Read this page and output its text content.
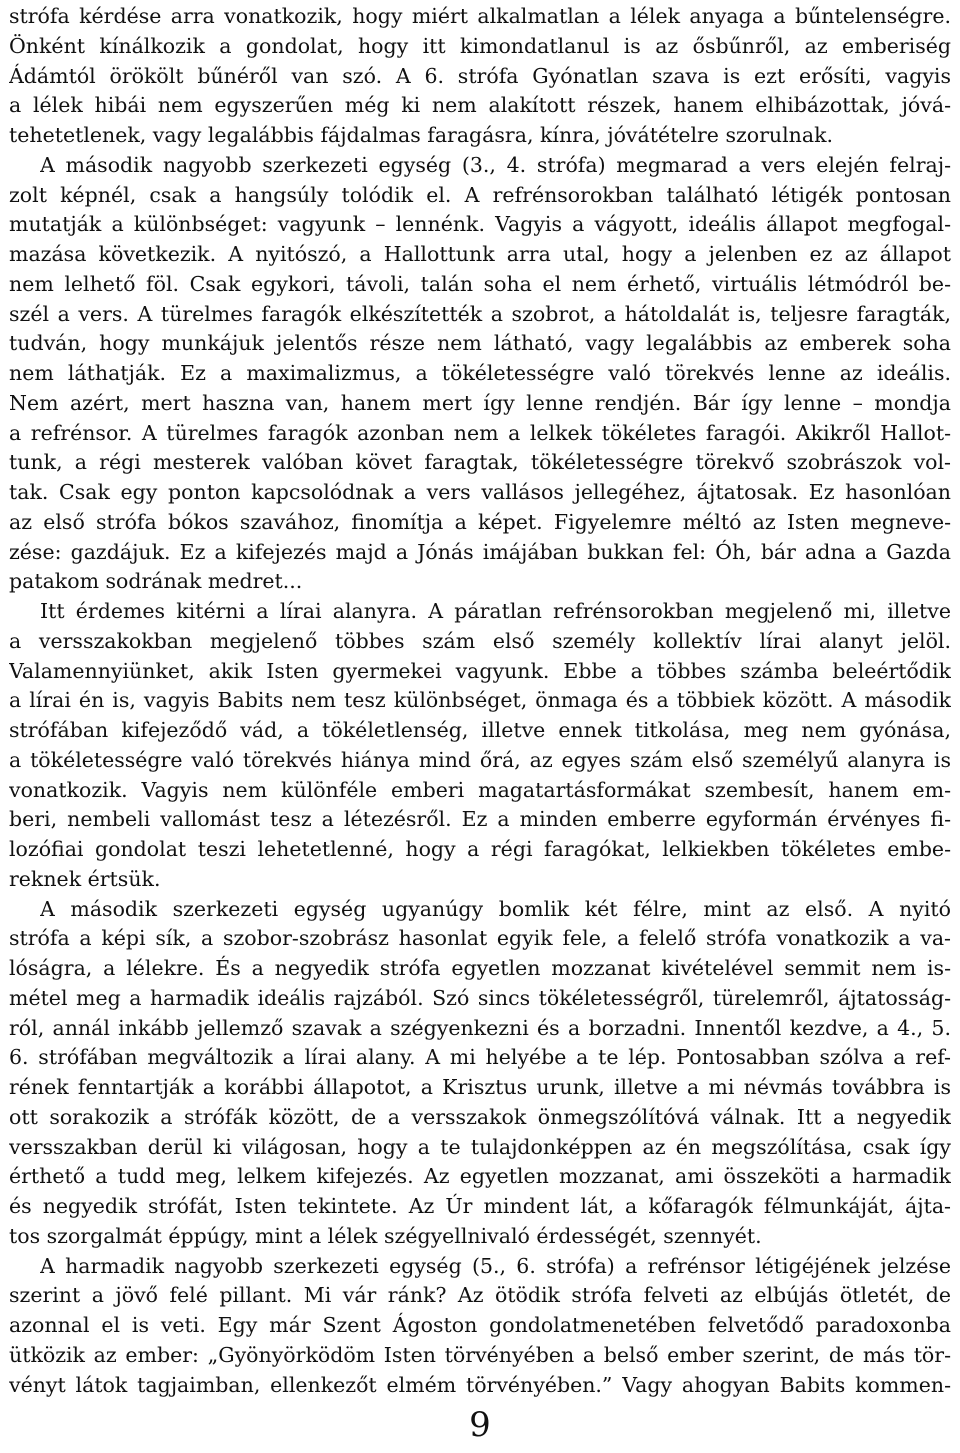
strófa kérdése arra vonatkozik, hogy miért alkalmatlan a lélek anyaga a bűntelenségre.

Önként kínálkozik a gondolat, hogy itt kimondatlanul is az ősbűnről, az emberiség

Ádámtól örökölt bűnéről van szó. A 6. strófa Gyónatlan szava is ezt erősíti, vagyis

a lélek hibái nem egyszerűen még ki nem alakított részek, hanem elhibázottak, jóvá-

tehetetlenek, vagy legalábbis fájdalmas faragásra, kínra, jóvátételre szorulnak.

A második nagyobb szerkezeti egység (3., 4. strófa) megmarad a vers elején felraj-

zolt képnél, csak a hangsúly tolódik el. A refrénsorokban található létigék pontosan

mutatják a különbséget: vagyunk – lennénk. Vagyis a vágyott, ideális állapot megfogal-

mazása következik. A nyitószó, a Hallottunk arra utal, hogy a jelenben ez az állapot

nem lelhető föl. Csak egykori, távoli, talán soha el nem érhető, virtuális létmódról be-

szél a vers. A türelmes faragók elkészítették a szobrot, a hátoldalát is, teljesre faragták,

tudván, hogy munkájuk jelentős része nem látható, vagy legalábbis az emberek soha

nem láthatják. Ez a maximalizmus, a tökéletességre való törekvés lenne az ideális.

Nem azért, mert haszna van, hanem mert így lenne rendjén. Bár így lenne – mondja

a refrénsor. A türelmes faragók azonban nem a lelkek tökéletes faragói. Akikről Hallot-

tunk, a régi mesterek valóban követ faragtak, tökéletességre törekvő szobrászok vol-

tak. Csak egy ponton kapcsolódnak a vers vallásos jellegéhez, ájtatosak. Ez hasonlóan

az első strófa bókos szavához, finomítja a képet. Figyelemre méltó az Isten megneve-

zése: gazdájuk. Ez a kifejezés majd a Jónás imájában bukkan fel: Óh, bár adna a Gazda

patakom sodrának medret...

Itt érdemes kitérni a lírai alanyra. A páratlan refrénsorokban megjelenő mi, illetve

a versszakokban megjelenő többes szám első személy kollektív lírai alanyt jelöl.

Valamennyiünket, akik Isten gyermekei vagyunk. Ebbe a többes számba beleértődik

a lírai én is, vagyis Babits nem tesz különbséget, önmaga és a többiek között. A második

strófában kifejeződő vád, a tökéletlenség, illetve ennek titkolása, meg nem gyónása,

a tökéletességre való törekvés hiánya mind őrá, az egyes szám első személyű alanyra is

vonatkozik. Vagyis nem különféle emberi magatartásformákat szembesít, hanem em-

beri, nembeli vallomást tesz a létezésről. Ez a minden emberre egyformán érvényes fi-

lozófiai gondolat teszi lehetetlenné, hogy a régi faragókat, lelkiekben tökéletes embe-

reknek értsük.

A második szerkezeti egység ugyanúgy bomlik két félre, mint az első. A nyitó

strófa a képi sík, a szobor-szobrász hasonlat egyik fele, a felelő strófa vonatkozik a va-

lóságra, a lélekre. És a negyedik strófa egyetlen mozzanat kivételével semmit nem is-

métel meg a harmadik ideális rajzából. Szó sincs tökéletességről, türelemről, ájtatosság-

ról, annál inkább jellemző szavak a szégyenkezni és a borzadni. Innentől kezdve, a 4., 5.

6. strófában megváltozik a lírai alany. A mi helyébe a te lép. Pontosabban szólva a ref-

rének fenntartják a korábbi állapotot, a Krisztus urunk, illetve a mi névmás továbbra is

ott sorakozik a strófák között, de a versszakok önmegszólítóvá válnak. Itt a negyedik

versszakban derül ki világosan, hogy a te tulajdonképpen az én megszólítása, csak így

érthető a tudd meg, lelkem kifejezés. Az egyetlen mozzanat, ami összeköti a harmadik

és negyedik strófát, Isten tekintete. Az Úr mindent lát, a kőfaragók félmunkáját, ájta-

tos szorgalmát éppúgy, mint a lélek szégyellnivaló érdességét, szennyét.

A harmadik nagyobb szerkezeti egység (5., 6. strófa) a refrénsor létigéjének jelzése

szerint a jövő felé pillant. Mi vár ránk? Az ötödik strófa felveti az elbújás ötletét, de

azonnal el is veti. Egy már Szent Ágoston gondolatmenetében felvetődő paradoxonba

ütközik az ember: „Gyönyörködöm Isten törvényében a belső ember szerint, de más tör-

vényt látok tagjaimban, ellenkezőt elmém törvényében.” Vagy ahogyan Babits kommen-

9
